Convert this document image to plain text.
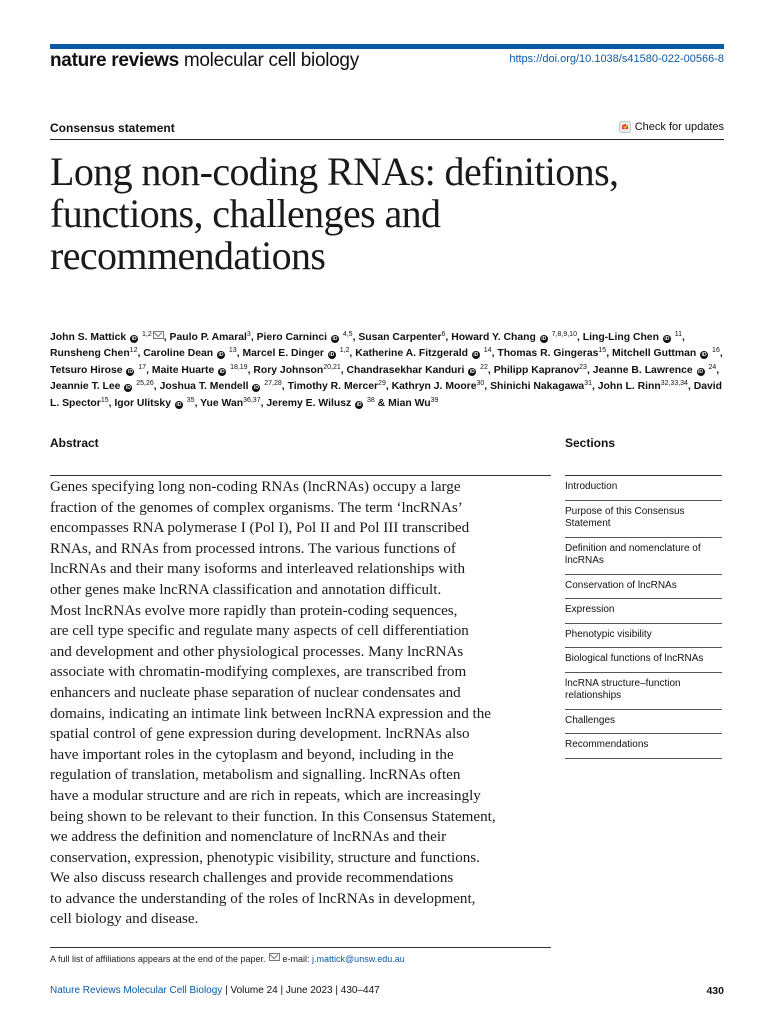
nature reviews molecular cell biology	https://doi.org/10.1038/s41580-022-00566-8
Consensus statement	Check for updates
Long non-coding RNAs: definitions, functions, challenges and recommendations
John S. Mattick iD $^{1,2}$ , Paulo P. Amaral$^3$, Piero Carninci iD $^{4,5}$, Susan Carpenter$^6$, Howard Y. Chang iD $^{7,8,9,10}$, Ling-Ling Chen iD $^{11}$, Runsheng Chen$^{12}$, Caroline Dean iD $^{13}$, Marcel E. Dinger iD $^{1,2}$, Katherine A. Fitzgerald iD $^{14}$, Thomas R. Gingeras$^{15}$, Mitchell Guttman iD $^{16}$, Tetsuro Hirose iD $^{17}$, Maite Huarte iD $^{18,19}$, Rory Johnson$^{20,21}$, Chandrasekhar Kanduri iD $^{22}$, Philipp Kapranov$^{23}$, Jeanne B. Lawrence iD $^{24}$, Jeannie T. Lee iD $^{25,26}$, Joshua T. Mendell iD $^{27,28}$, Timothy R. Mercer$^{29}$, Kathryn J. Moore$^{30}$, Shinichi Nakagawa$^{31}$, John L. Rinn$^{32,33,34}$, David L. Spector$^{15}$, Igor Ulitsky iD $^{35}$, Yue Wan$^{36,37}$, Jeremy E. Wilusz iD $^{38}$ & Mian Wu$^{39}$
Abstract

Genes specifying long non-coding RNAs (lncRNAs) occupy a large
fraction of the genomes of complex organisms. The term ‘lncRNAs’
encompasses RNA polymerase I (Pol I), Pol II and Pol III transcribed
RNAs, and RNAs from processed introns. The various functions of
lncRNAs and their many isoforms and interleaved relationships with
other genes make lncRNA classification and annotation difficult.
Most lncRNAs evolve more rapidly than protein-coding sequences,
are cell type specific and regulate many aspects of cell differentiation
and development and other physiological processes. Many lncRNAs
associate with chromatin-modifying complexes, are transcribed from
enhancers and nucleate phase separation of nuclear condensates and
domains, indicating an intimate link between lncRNA expression and the
spatial control of gene expression during development. lncRNAs also
have important roles in the cytoplasm and beyond, including in the
regulation of translation, metabolism and signalling. lncRNAs often
have a modular structure and are rich in repeats, which are increasingly
being shown to be relevant to their function. In this Consensus Statement,
we address the definition and nomenclature of lncRNAs and their
conservation, expression, phenotypic visibility, structure and functions.
We also discuss research challenges and provide recommendations
to advance the understanding of the roles of lncRNAs in development,
cell biology and disease.

A full list of affiliations appears at the end of the paper. e-mail: j.mattick@unsw.edu.au
Sections
Introduction
Purpose of this Consensus Statement
Definition and nomenclature of lncRNAs
Conservation of lncRNAs
Expression
Phenotypic visibility
Biological functions of lncRNAs
lncRNA structure–function relationships
Challenges
Recommendations
Nature Reviews Molecular Cell Biology | Volume 24 | June 2023 | 430–447	430
